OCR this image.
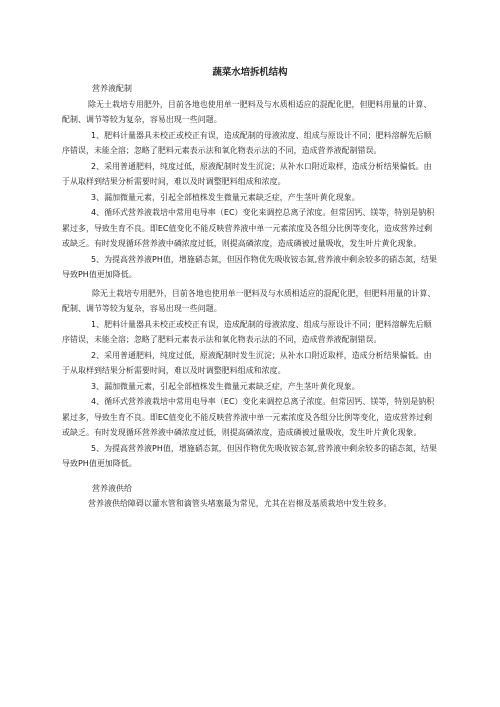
蔬菜水培拆机结构

营养液配制

除无土栽培专用肥外，目前各地也使用单一肥料及与水质相适应的混配化肥，但肥料用量的计算、配制、调节等较为复杂，容易出现一些问题。

1、肥料计量器具未校正或校正有误，造成配制的母液浓度、组成与原设计不同；肥料溶解先后顺序错误，未能全溶；忽略了肥料元素表示法和氧化物表示法的不同，造成营养液配制错误。

2、采用普通肥料，纯度过低，原液配制时发生沉淀；从补水口附近取样，造成分析结果偏低。由于从取样到结果分析需要时间，难以及时调整肥料组成和浓度。

3、漏加微量元素，引起全部植株发生微量元素缺乏症，产生茎叶黄化现象。

4、循环式营养液栽培中常用电导率（EC）变化来调控总离子浓度。但常因钙、镁等，特别是钠积累过多，导致生育不良。即EC值变化不能反映营养液中单一元素浓度及各组分比例等变化，造成营养过剩或缺乏。有时发现循环营养液中磷浓度过低，则提高磷浓度，造成磷被过量吸收，发生叶片黄化现象。

5、为提高营养液PH值，增施硝态氮，但因作物优先吸收铵态氮,营养液中剩余较多的硝态氮，结果导致PH值更加降低。

除无土栽培专用肥外，目前各地也使用单一肥料及与水质相适应的混配化肥，但肥料用量的计算、配制、调节等较为复杂，容易出现一些问题。

1、肥料计量器具未校正或校正有误，造成配制的母液浓度、组成与原设计不同；肥料溶解先后顺序错误，未能全溶；忽略了肥料元素表示法和氧化物表示法的不同，造成营养液配制错误。

2、采用普通肥料，纯度过低，原液配制时发生沉淀；从补水口附近取样，造成分析结果偏低。由于从取样到结果分析需要时间，难以及时调整肥料组成和浓度。

3、漏加微量元素，引起全部植株发生微量元素缺乏症，产生茎叶黄化现象。

4、循环式营养液栽培中常用电导率（EC）变化来调控总离子浓度。但常因钙、镁等，特别是钠积累过多，导致生育不良。即EC值变化不能反映营养液中单一元素浓度及各组分比例等变化，造成营养过剩或缺乏。有时发现循环营养液中磷浓度过低，则提高磷浓度，造成磷被过量吸收，发生叶片黄化现象。

5、为提高营养液PH值，增施硝态氮，但因作物优先吸收铵态氮,营养液中剩余较多的硝态氮，结果导致PH值更加降低。

营养液供给

营养液供给障碍以灌水管和滴管头堵塞最为常见，尤其在岩棉及基质栽培中发生较多。
